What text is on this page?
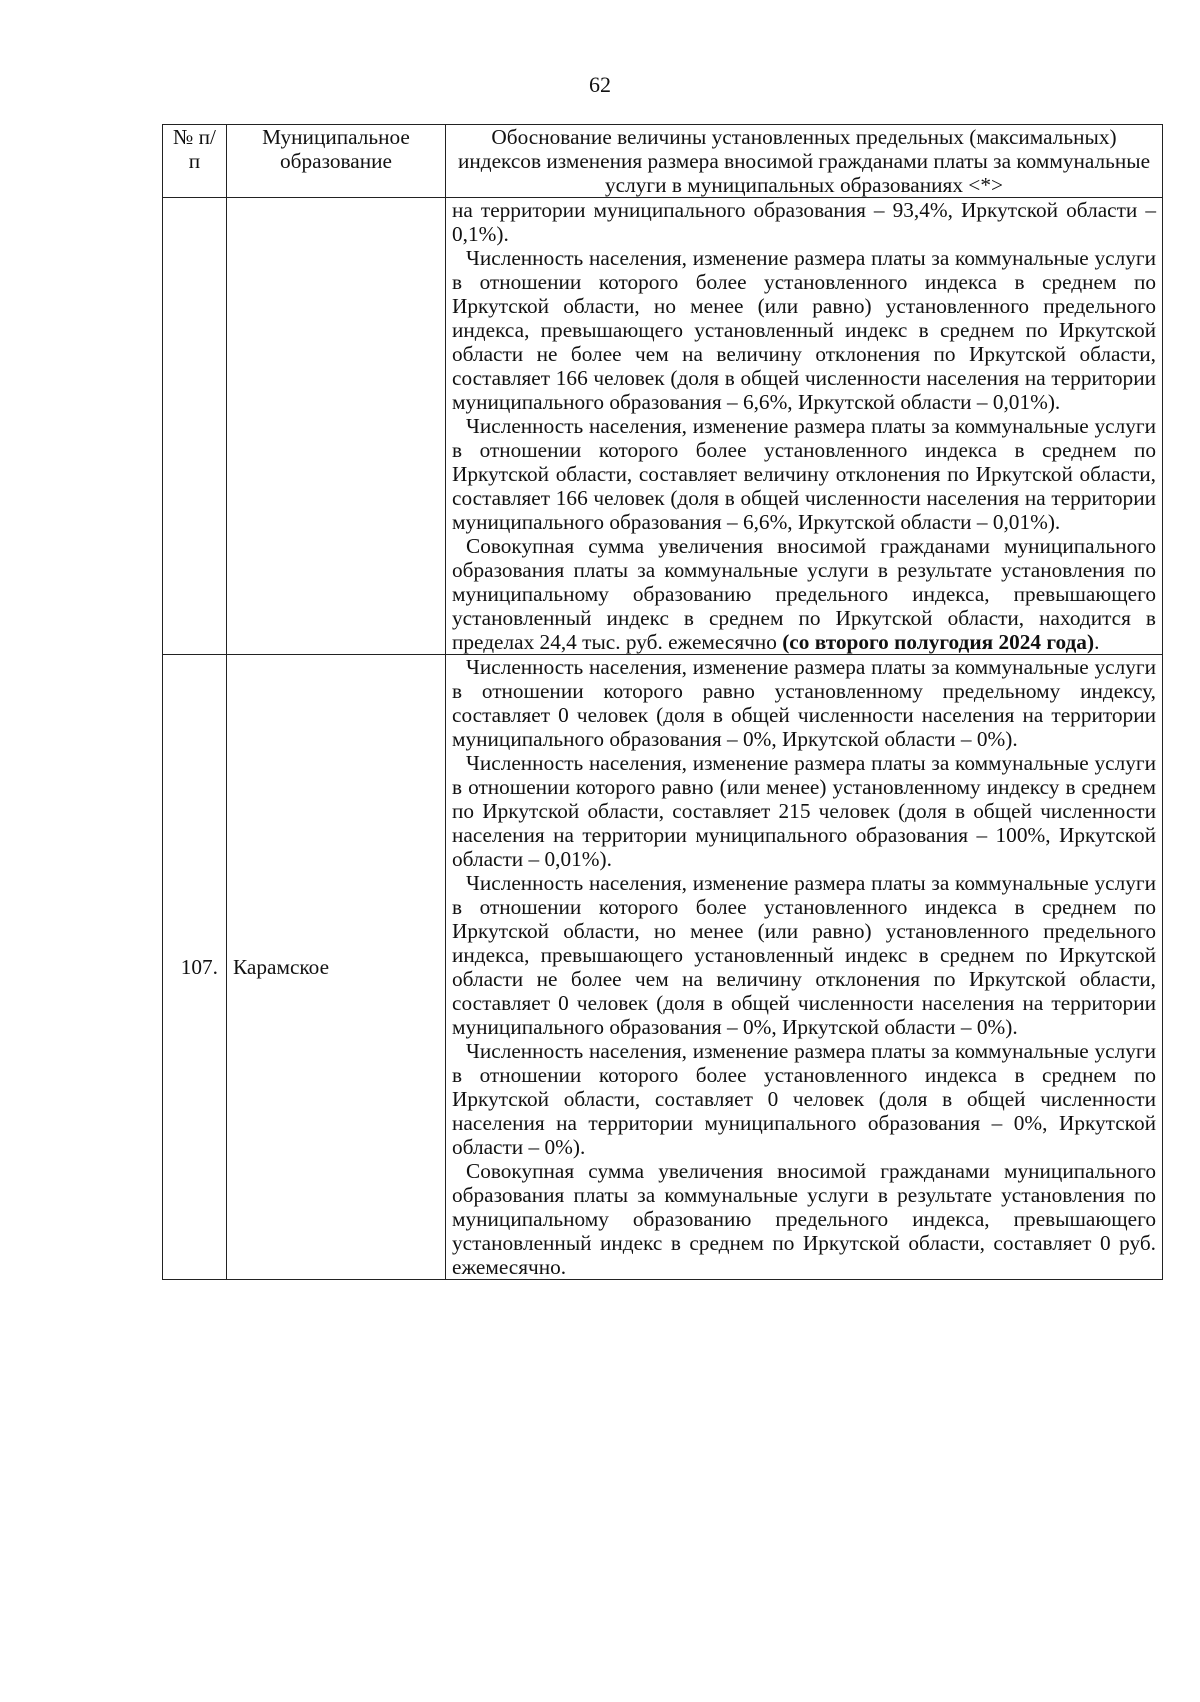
62
№ п/п	Муниципальное образование	Обоснование величины установленных предельных (максимальных) индексов изменения размера вносимой гражданами платы за коммунальные услуги в муниципальных образованиях <*>

		на территории муниципального образования – 93,4%, Иркутской области – 0,1%).

Численность населения, изменение размера платы за коммунальные услуги в отношении которого более установленного индекса в среднем по Иркутской области, но менее (или равно) установленного предельного индекса, превышающего установленный индекс в среднем по Иркутской области не более чем на величину отклонения по Иркутской области, составляет 166 человек (доля в общей численности населения на территории муниципального образования – 6,6%, Иркутской области – 0,01%).

Численность населения, изменение размера платы за коммунальные услуги в отношении которого более установленного индекса в среднем по Иркутской области, составляет величину отклонения по Иркутской области, составляет 166 человек (доля в общей численности населения на территории муниципального образования – 6,6%, Иркутской области – 0,01%).

Совокупная сумма увеличения вносимой гражданами муниципального образования платы за коммунальные услуги в результате установления по муниципальному образованию предельного индекса, превышающего установленный индекс в среднем по Иркутской области, находится в пределах 24,4 тыс. руб. ежемесячно (со второго полугодия 2024 года).

107.	Карамское	Численность населения, изменение размера платы за коммунальные услуги в отношении которого равно установленному предельному индексу, составляет 0 человек (доля в общей численности населения на территории муниципального образования – 0%, Иркутской области – 0%).

Численность населения, изменение размера платы за коммунальные услуги в отношении которого равно (или менее) установленному индексу в среднем по Иркутской области, составляет 215 человек (доля в общей численности населения на территории муниципального образования – 100%, Иркутской области – 0,01%).

Численность населения, изменение размера платы за коммунальные услуги в отношении которого более установленного индекса в среднем по Иркутской области, но менее (или равно) установленного предельного индекса, превышающего установленный индекс в среднем по Иркутской области не более чем на величину отклонения по Иркутской области, составляет 0 человек (доля в общей численности населения на территории муниципального образования – 0%, Иркутской области – 0%).

Численность населения, изменение размера платы за коммунальные услуги в отношении которого более установленного индекса в среднем по Иркутской области, составляет 0 человек (доля в общей численности населения на территории муниципального образования – 0%, Иркутской области – 0%).

Совокупная сумма увеличения вносимой гражданами муниципального образования платы за коммунальные услуги в результате установления по муниципальному образованию предельного индекса, превышающего установленный индекс в среднем по Иркутской области, составляет 0 руб. ежемесячно.
